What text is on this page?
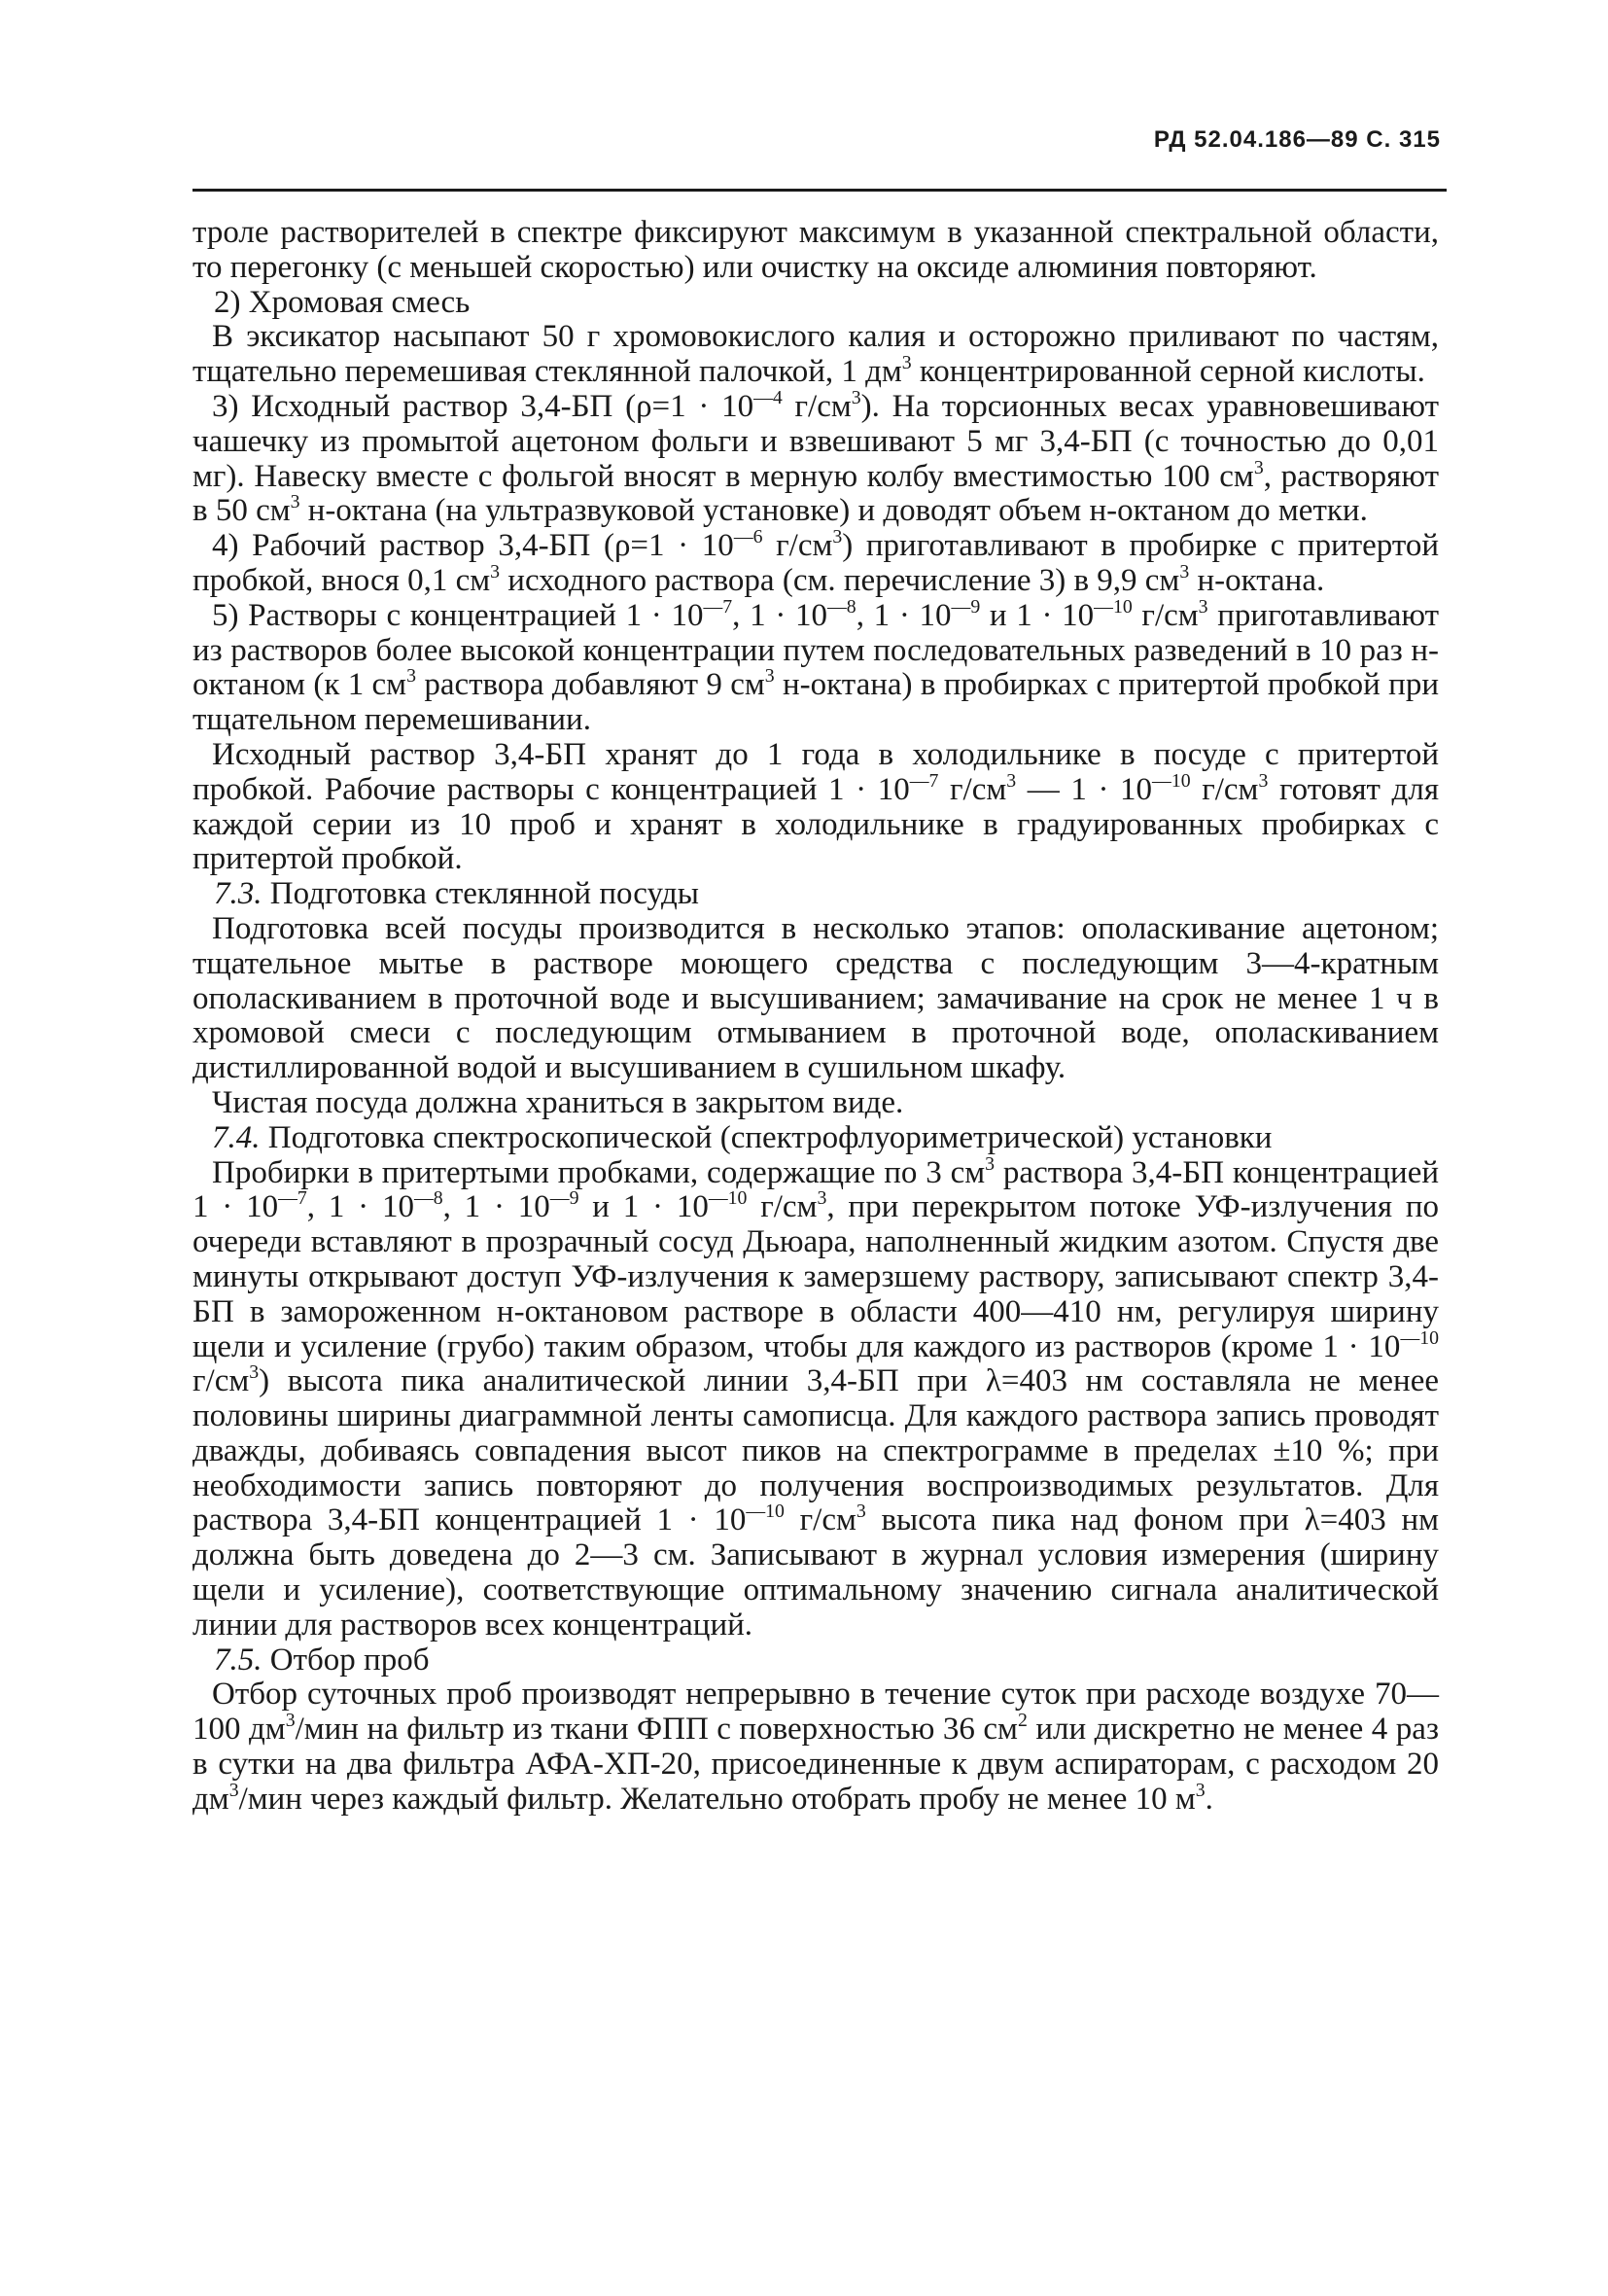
РД 52.04.186—89 С. 315

троле растворителей в спектре фиксируют максимум в указанной спектральной области, то перегонку (с меньшей скоростью) или очистку на оксиде алюминия повторяют.

2) Хромовая смесь

В эксикатор насыпают 50 г хромовокислого калия и осторожно приливают по частям, тщательно перемешивая стеклянной палочкой, 1 $дм^3$ концентрированной серной кислоты.

3) Исходный раствор 3,4-БП ($\rho=1 \cdot 10^{—4}$ $г/см^3$). На торсионных весах уравновешивают чашечку из промытой ацетоном фольги и взвешивают 5 мг 3,4-БП (с точностью до 0,01 мг). Навеску вместе с фольгой вносят в мерную колбу вместимостью 100 $см^3$, растворяют в 50 $см^3$ н-октана (на ультразвуковой установке) и доводят объем н-октаном до метки.

4) Рабочий раствор 3,4-БП ($\rho=1 \cdot 10^{—6}$ $г/см^3$) приготавливают в пробирке с притертой пробкой, внося 0,1 $см^3$ исходного раствора (см. перечисление 3) в 9,9 $см^3$ н-октана.

5) Растворы с концентрацией $1 \cdot 10^{—7}$, $1 \cdot 10^{—8}$, $1 \cdot 10^{—9}$ и $1 \cdot 10^{—10}$ $г/см^3$ приготавливают из растворов более высокой концентрации путем последовательных разведений в 10 раз н-октаном (к 1 $см^3$ раствора добавляют 9 $см^3$ н-октана) в пробирках с притертой пробкой при тщательном перемешивании.

Исходный раствор 3,4-БП хранят до 1 года в холодильнике в посуде с притертой пробкой. Рабочие растворы с концентрацией $1 \cdot 10^{—7}$ $г/см^3$ — $1 \cdot 10^{—10}$ $г/см^3$ готовят для каждой серии из 10 проб и хранят в холодильнике в градуированных пробирках с притертой пробкой.

7.3. Подготовка стеклянной посуды

Подготовка всей посуды производится в несколько этапов: ополаскивание ацетоном; тщательное мытье в растворе моющего средства с последующим 3—4-кратным ополаскиванием в проточной воде и высушиванием; замачивание на срок не менее 1 ч в хромовой смеси с последующим отмыванием в проточной воде, ополаскиванием дистиллированной водой и высушиванием в сушильном шкафу.

Чистая посуда должна храниться в закрытом виде.

7.4. Подготовка спектроскопической (спектрофлуориметрической) установки

Пробирки в притертыми пробками, содержащие по 3 $см^3$ раствора 3,4-БП концентрацией $1 \cdot 10^{—7}$, $1 \cdot 10^{—8}$, $1 \cdot 10^{—9}$ и $1 \cdot 10^{—10}$ $г/см^3$, при перекрытом потоке УФ-излучения по очереди вставляют в прозрачный сосуд Дьюара, наполненный жидким азотом. Спустя две минуты открывают доступ УФ-излучения к замерзшему раствору, записывают спектр 3,4-БП в замороженном н-октановом растворе в области 400—410 нм, регулируя ширину щели и усиление (грубо) таким образом, чтобы для каждого из растворов (кроме $1 \cdot 10^{—10}$ $г/см^3$) высота пика аналитической линии 3,4-БП при λ=403 нм составляла не менее половины ширины диаграммной ленты самописца. Для каждого раствора запись проводят дважды, добиваясь совпадения высот пиков на спектрограмме в пределах ±10 %; при необходимости запись повторяют до получения воспроизводимых результатов. Для раствора 3,4-БП концентрацией $1 \cdot 10^{—10}$ $г/см^3$ высота пика над фоном при λ=403 нм должна быть доведена до 2—3 см. Записывают в журнал условия измерения (ширину щели и усиление), соответствующие оптимальному значению сигнала аналитической линии для растворов всех концентраций.

7.5. Отбор проб

Отбор суточных проб производят непрерывно в течение суток при расходе воздухе 70—100 $дм^3$/мин на фильтр из ткани ФПП с поверхностью 36 $см^2$ или дискретно не менее 4 раз в сутки на два фильтра АФА-ХП-20, присоединенные к двум аспираторам, с расходом 20 $дм^3$/мин через каждый фильтр. Желательно отобрать пробу не менее 10 $м^3$.
